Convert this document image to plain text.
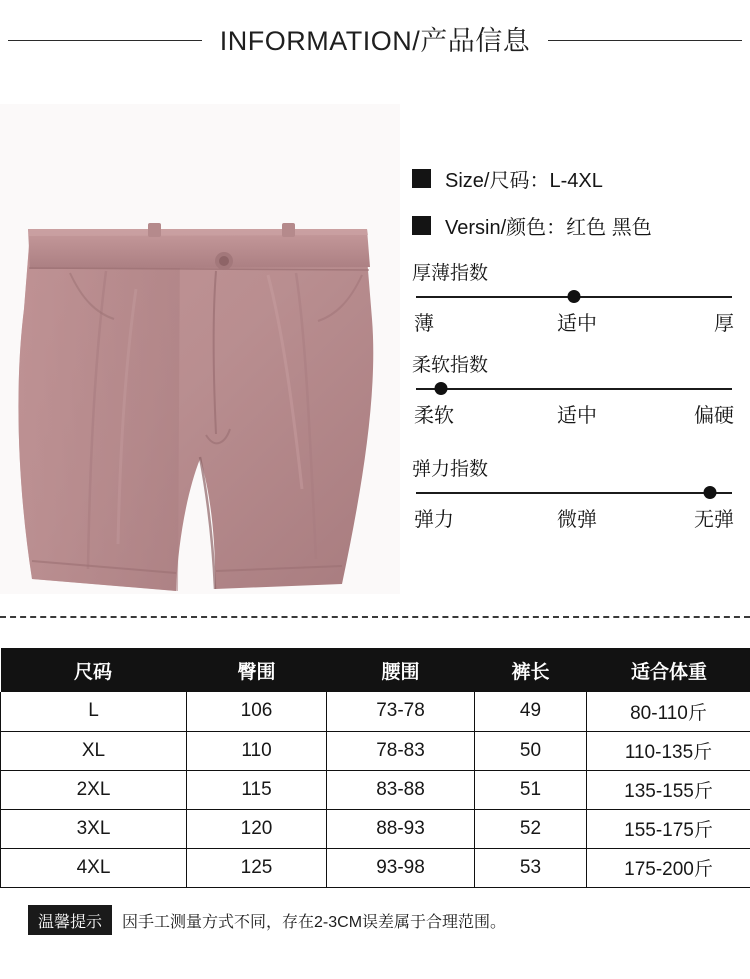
INFORMATION/产品信息
Size/尺码：L-4XL
Versin/颜色：红色 黑色
厚薄指数
薄	适中	厚
柔软指数
柔软	适中	偏硬
弹力指数
弹力	微弹	无弹
尺码	臀围	腰围	裤长	适合体重
L	106	73-78	49	80-110斤
XL	110	78-83	50	110-135斤
2XL	115	83-88	51	135-155斤
3XL	120	88-93	52	155-175斤
4XL	125	93-98	53	175-200斤
温馨提示	因手工测量方式不同，存在2-3CM误差属于合理范围。
